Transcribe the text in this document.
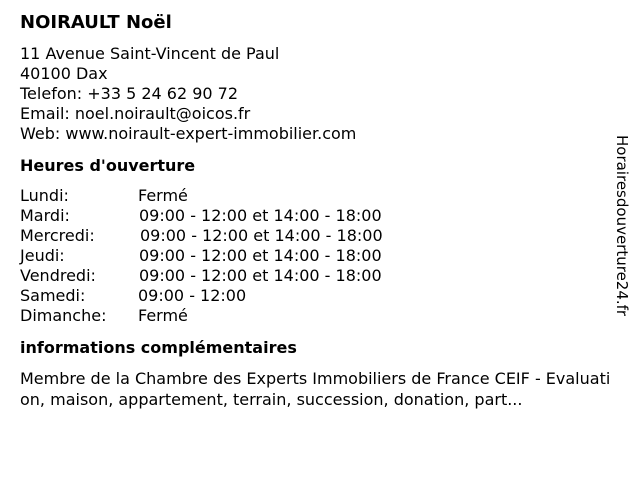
NOIRAULT Noël
11 Avenue Saint-Vincent de Paul
40100 Dax
Telefon: +33 5 24 62 90 72
Email: noel.noirault@oicos.fr
Web: www.noirault-expert-immobilier.com
Heures d'ouverture
Lundi:	Fermé
Mardi:	09:00 - 12:00 et 14:00 - 18:00
Mercredi:	09:00 - 12:00 et 14:00 - 18:00
Jeudi:	09:00 - 12:00 et 14:00 - 18:00
Vendredi:	09:00 - 12:00 et 14:00 - 18:00
Samedi:	09:00 - 12:00
Dimanche:	Fermé
informations complémentaires
Membre de la Chambre des Experts Immobiliers de France CEIF - Evaluation, maison, appartement, terrain, succession, donation, part...
Horairesdouverture24.fr
